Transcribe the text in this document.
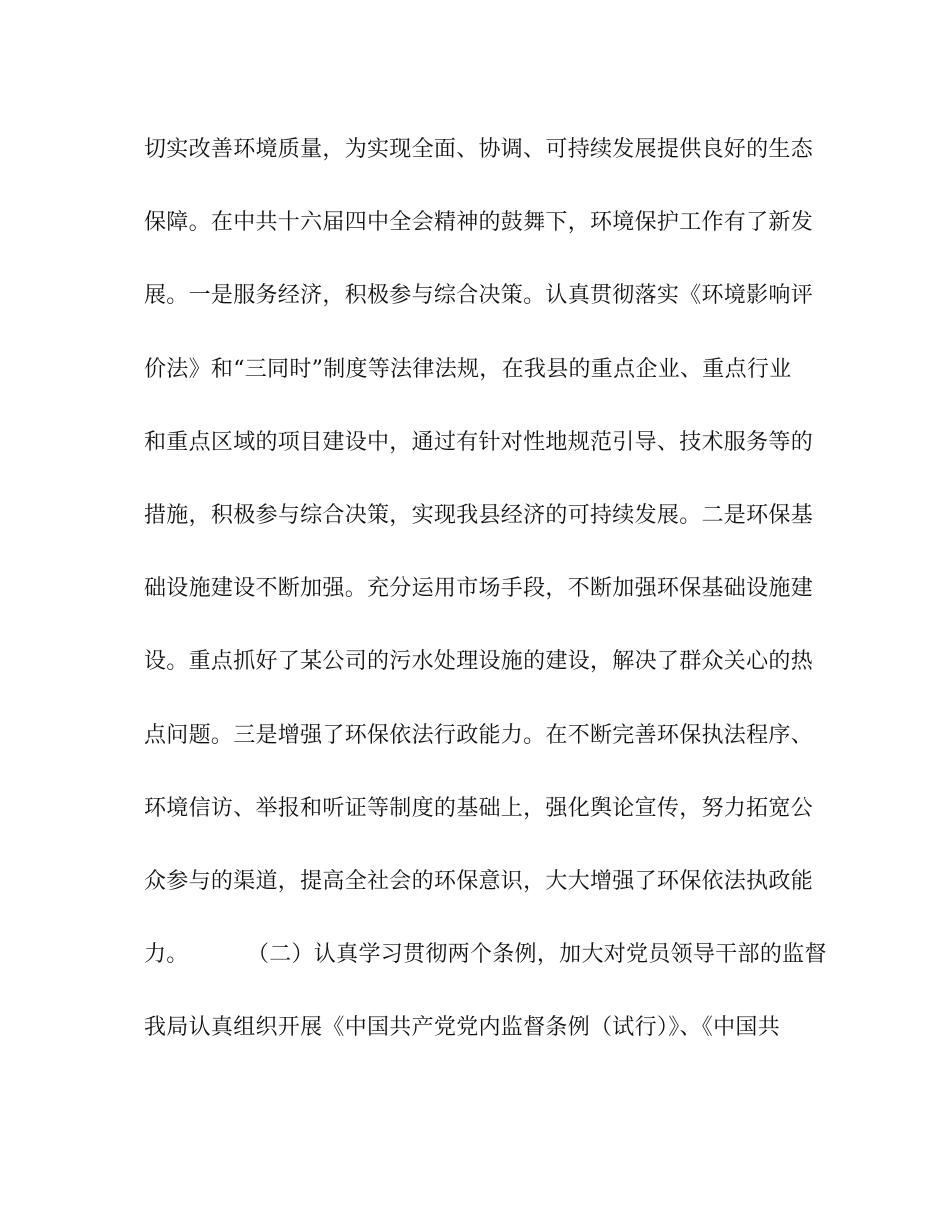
切实改善环境质量，为实现全面、协调、可持续发展提供良好的生态
保障。在中共十六届四中全会精神的鼓舞下，环境保护工作有了新发
展。一是服务经济，积极参与综合决策。认真贯彻落实《环境影响评
价法》和“三同时”制度等法律法规，在我县的重点企业、重点行业
和重点区域的项目建设中，通过有针对性地规范引导、技术服务等的
措施，积极参与综合决策，实现我县经济的可持续发展。二是环保基
础设施建设不断加强。充分运用市场手段，不断加强环保基础设施建
设。重点抓好了某公司的污水处理设施的建设，解决了群众关心的热
点问题。三是增强了环保依法行政能力。在不断完善环保执法程序、
环境信访、举报和听证等制度的基础上，强化舆论宣传，努力拓宽公
众参与的渠道，提高全社会的环保意识，大大增强了环保依法执政能
力。        （二）认真学习贯彻两个条例，加大对党员领导干部的监督
我局认真组织开展《中国共产党党内监督条例（试行）》、《中国共
